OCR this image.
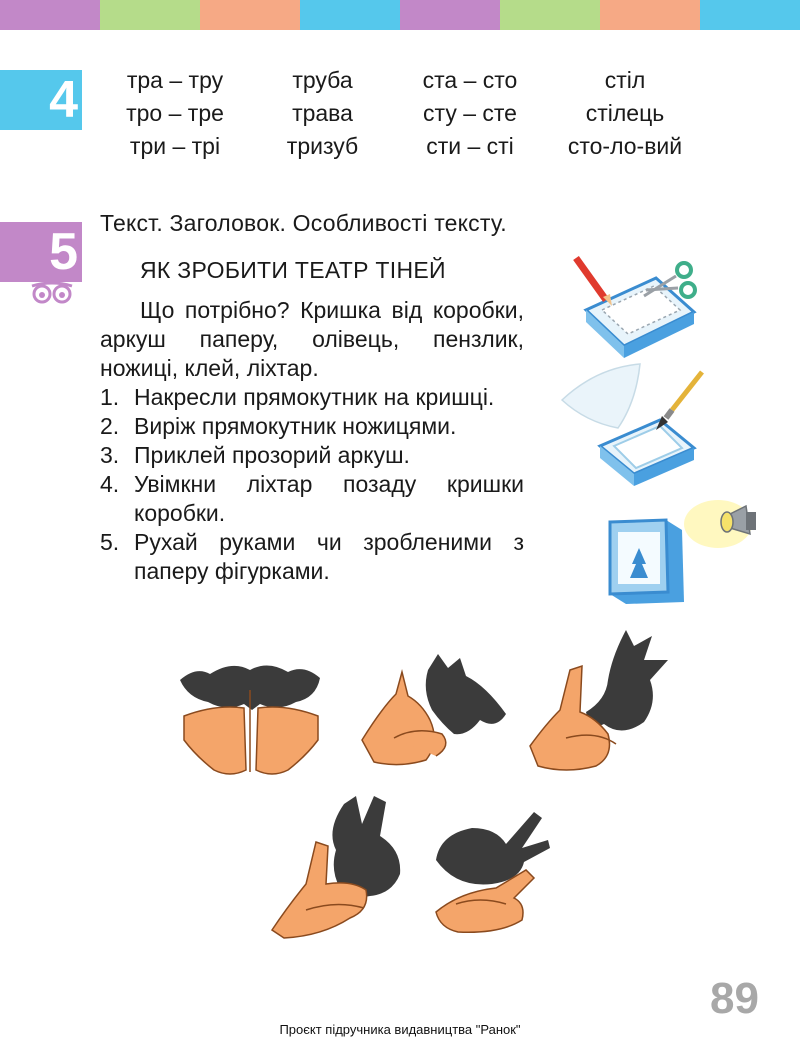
4	тра – тру	труба	ста – сто	стіл
тро – тре	трава	сту – сте	стілець
три – трі	тризуб	сти – сті	сто-ло-вий
5 Текст. Заголовок. Особливості тексту.
ЯК ЗРОБИТИ ТЕАТР ТІНЕЙ
Що потрібно? Кришка від коробки, аркуш паперу, олівець, пензлик, ножиці, клей, ліхтар.
1. Накресли прямокутник на кришці.
2. Виріж прямокутник ножицями.
3. Приклей прозорий аркуш.
4. Увімкни ліхтар позаду кришки коробки.
5. Рухай руками чи зробленими з паперу фігурками.
89
Проєкт підручника видавництва "Ранок"
